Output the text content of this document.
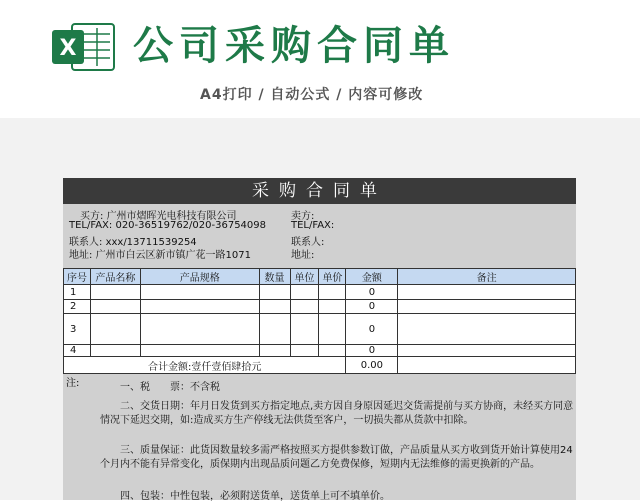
X 公司采购合同单
A4打印 / 自动公式 / 内容可修改
采购合同单
买方: 广州市熠晖光电科技有限公司
TEL/FAX: 020-36519762/020-36754098
联系人: xxx/13711539254
地址: 广州市白云区新市镇广花一路1071
卖方:
TEL/FAX:
联系人:
地址:
序号	产品名称	产品规格	数量	单位	单价	金额	备注
1						0	
2						0	
3						0	
4						0	
合计金额:壹仟壹佰肆拾元						0.00	
注:	一、税　　票：不含税
二、交货日期：年月日发货到买方指定地点,卖方因自身原因延迟交货需提前与买方协商，未经买方同意情况下延迟交期，如:造成买方生产停线无法供货至客户，一切损失都从货款中扣除。
三、质量保证：此货因数量较多需严格按照买方提供参数订做，产品质量从买方收到货开始计算使用24个月内不能有异常变化，质保期内出现品质问题乙方免费保修，短期内无法维修的需更换新的产品。
四、包装：中性包装，必须附送货单，送货单上可不填单价。
